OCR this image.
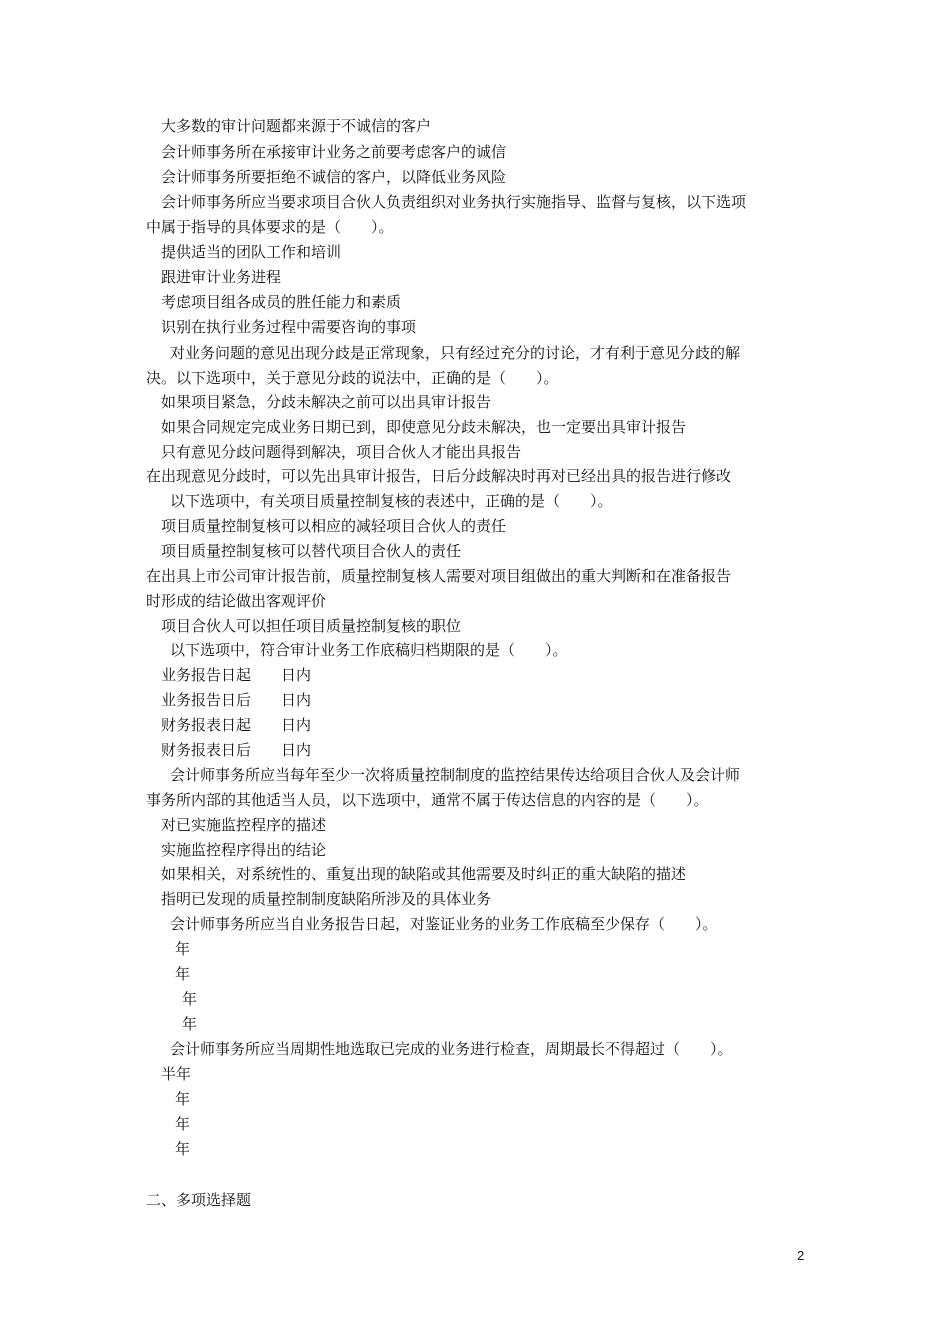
大多数的审计问题都来源于不诚信的客户
会计师事务所在承接审计业务之前要考虑客户的诚信
会计师事务所要拒绝不诚信的客户，以降低业务风险
会计师事务所应当要求项目合伙人负责组织对业务执行实施指导、监督与复核，以下选项
中属于指导的具体要求的是（　　）。
提供适当的团队工作和培训
跟进审计业务进程
考虑项目组各成员的胜任能力和素质
识别在执行业务过程中需要咨询的事项
对业务问题的意见出现分歧是正常现象，只有经过充分的讨论，才有利于意见分歧的解
决。以下选项中，关于意见分歧的说法中，正确的是（　　）。
如果项目紧急，分歧未解决之前可以出具审计报告
如果合同规定完成业务日期已到，即使意见分歧未解决，也一定要出具审计报告
只有意见分歧问题得到解决，项目合伙人才能出具报告
在出现意见分歧时，可以先出具审计报告，日后分歧解决时再对已经出具的报告进行修改
以下选项中，有关项目质量控制复核的表述中，正确的是（　　）。
项目质量控制复核可以相应的减轻项目合伙人的责任
项目质量控制复核可以替代项目合伙人的责任
在出具上市公司审计报告前，质量控制复核人需要对项目组做出的重大判断和在准备报告
时形成的结论做出客观评价
项目合伙人可以担任项目质量控制复核的职位
以下选项中，符合审计业务工作底稿归档期限的是（　　）。
业务报告日起　　日内
业务报告日后　　日内
财务报表日起　　日内
财务报表日后　　日内
会计师事务所应当每年至少一次将质量控制制度的监控结果传达给项目合伙人及会计师
事务所内部的其他适当人员，以下选项中，通常不属于传达信息的内容的是（　　）。
对已实施监控程序的描述
实施监控程序得出的结论
如果相关，对系统性的、重复出现的缺陷或其他需要及时纠正的重大缺陷的描述
指明已发现的质量控制制度缺陷所涉及的具体业务
会计师事务所应当自业务报告日起，对鉴证业务的业务工作底稿至少保存（　　）。
年
年
年
年
会计师事务所应当周期性地选取已完成的业务进行检查，周期最长不得超过（　　）。
半年
年
年
年
二、多项选择题
2
